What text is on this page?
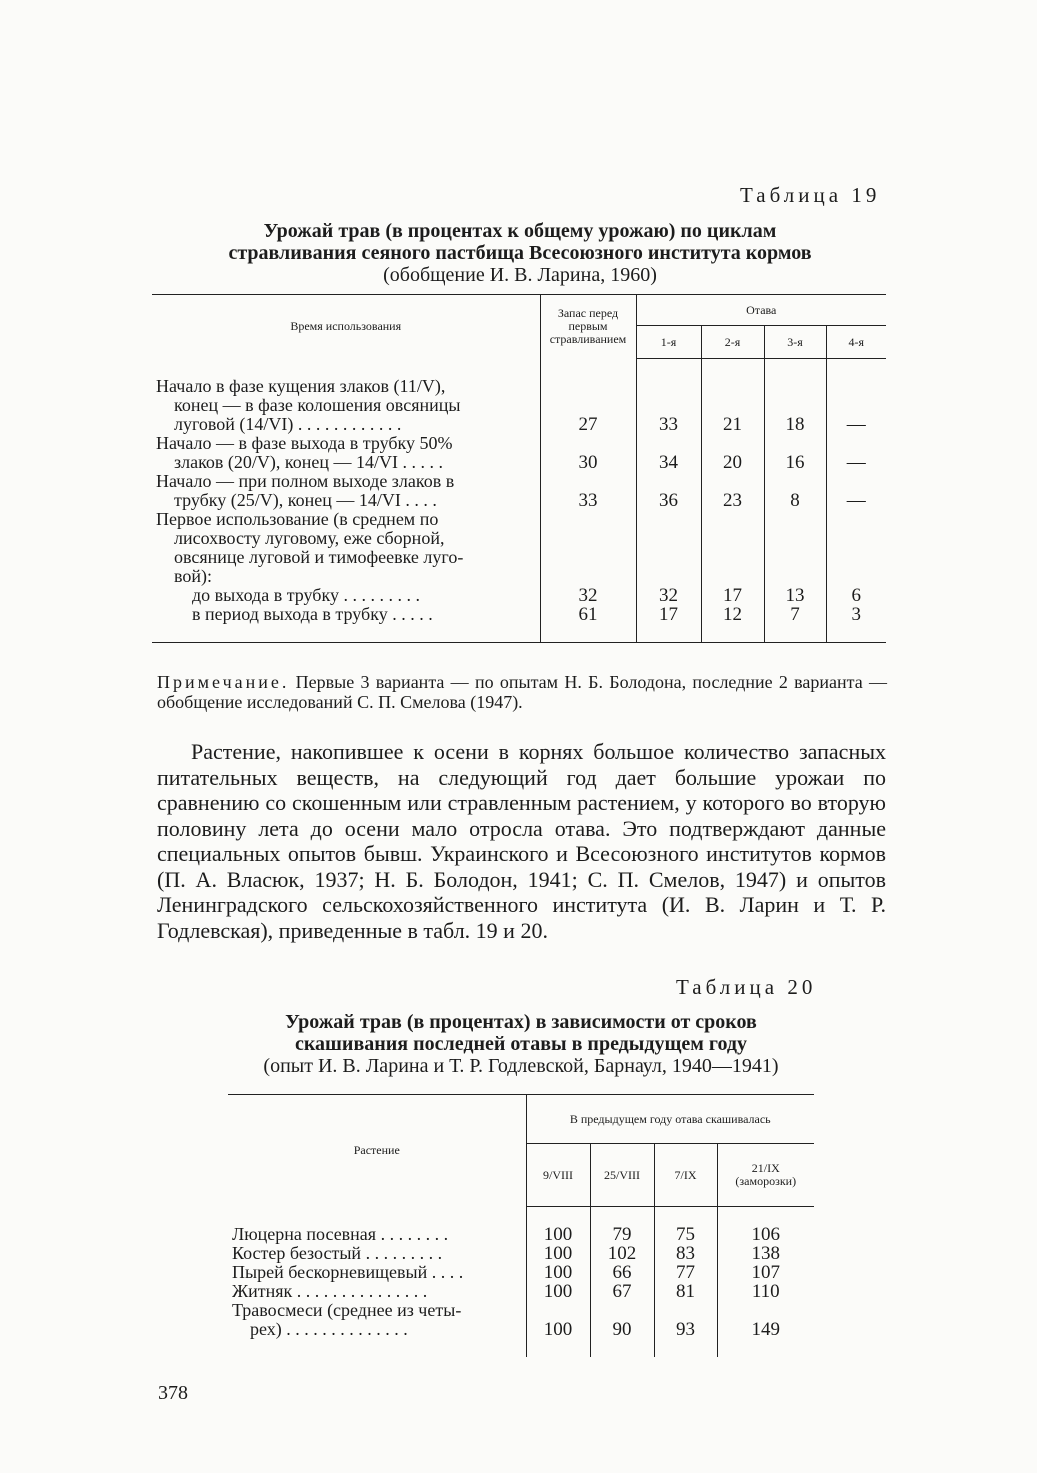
Таблица 19
Урожай трав (в процентах к общему урожаю) по циклам
стравливания сеяного пастбища Всесоюзного института кормов
(обобщение И. В. Ларина, 1960)
Время использования	Запас перед первым стравливанием	Отава			
		1-я	2-я	3-я	4-я

Начало в фазе кущения злаков (11/V),
конец — в фазе колошения овсяницы
луговой (14/VI) . . . . . . . . . . . .	27	33	21	18	—

Начало — в фазе выхода в трубку 50%
злаков (20/V), конец — 14/VI . . . . .	30	34	20	16	—

Начало — при полном выходе злаков в
трубку (25/V), конец — 14/VI . . . .	33	36	23	8	—

Первое использование (в среднем по
лисохвосту луговому, еже сборной,
овсянице луговой и тимофеевке луго-
вой):					

до выхода в трубку . . . . . . . . .	32	32	17	13	6
в период выхода в трубку . . . . .	61	17	12	7	3

Примечание. Первые 3 варианта — по опытам Н. Б. Болодона, последние 2 варианта — обобщение исследований С. П. Смелова (1947).
Растение, накопившее к осени в корнях большое количество запасных питательных веществ, на следующий год дает большие урожаи по сравнению со скошенным или стравленным растением, у которого во вторую половину лета до осени мало отросла отава. Это подтверждают данные специальных опытов бывш. Украинского и Всесоюзного институтов кормов (П. А. Власюк, 1937; Н. Б. Болодон, 1941; С. П. Смелов, 1947) и опытов Ленинградского сельскохозяйственного института (И. В. Ларин и Т. Р. Годлевская), приведенные в табл. 19 и 20.
Таблица 20
Урожай трав (в процентах) в зависимости от сроков
скашивания последней отавы в предыдущем году
(опыт И. В. Ларина и Т. Р. Годлевской, Барнаул, 1940—1941)
Растение	В предыдущем году отава скашивалась			
	9/VIII	25/VIII	7/IX	21/IX (заморозки)

Люцерна посевная . . . . . . . .	100	79	75	106
Костер безостый . . . . . . . . .	100	102	83	138
Пырей бескорневищевый . . . .	100	66	77	107
Житняк . . . . . . . . . . . . . . .	100	67	81	110

Травосмеси (среднее из четы-
рех) . . . . . . . . . . . . . .	100	90	93	149

378
